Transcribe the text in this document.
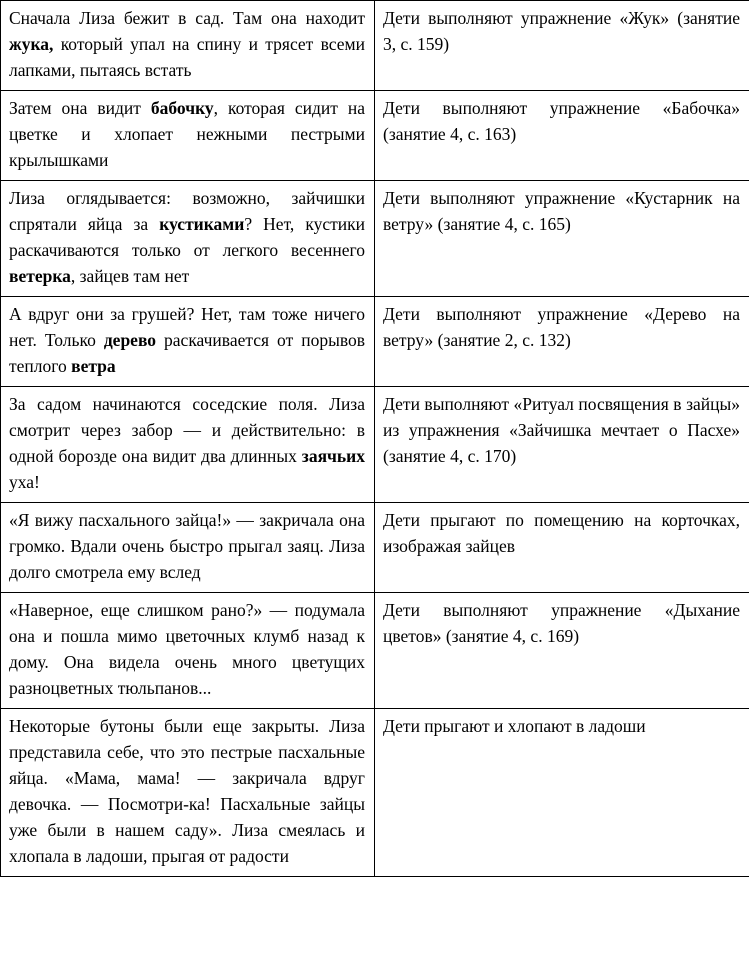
Сначала Лиза бежит в сад. Там она находит жука, который упал на спину и трясет всеми лапками, пытаясь встать	Дети выполняют упражнение «Жук» (занятие 3, с. 159)
Затем она видит бабочку, которая сидит на цветке и хлопает нежными пестрыми крылышками	Дети выполняют упражнение «Бабочка» (занятие 4, с. 163)
Лиза оглядывается: возможно, зайчишки спрятали яйца за кустиками? Нет, кустики раскачиваются только от легкого весеннего ветерка, зайцев там нет	Дети выполняют упражнение «Кустарник на ветру» (занятие 4, с. 165)
А вдруг они за грушей? Нет, там тоже ничего нет. Только дерево раскачивается от порывов теплого ветра	Дети выполняют упражнение «Дерево на ветру» (занятие 2, с. 132)
За садом начинаются соседские поля. Лиза смотрит через забор — и действительно: в одной борозде она видит два длинных заячьих уха!	Дети выполняют «Ритуал посвящения в зайцы» из упражнения «Зайчишка мечтает о Пасхе» (занятие 4, с. 170)
«Я вижу пасхального зайца!» — закричала она громко. Вдали очень быстро прыгал заяц. Лиза долго смотрела ему вслед	Дети прыгают по помещению на корточках, изображая зайцев
«Наверное, еще слишком рано?» — подумала она и пошла мимо цветочных клумб назад к дому. Она видела очень много цветущих разноцветных тюльпанов...	Дети выполняют упражнение «Дыхание цветов» (занятие 4, с. 169)
Некоторые бутоны были еще закрыты. Лиза представила себе, что это пестрые пасхальные яйца. «Мама, мама! — закричала вдруг девочка. — Посмотри-ка! Пасхальные зайцы уже были в нашем саду». Лиза смеялась и хлопала в ладоши, прыгая от радости	Дети прыгают и хлопают в ладоши
